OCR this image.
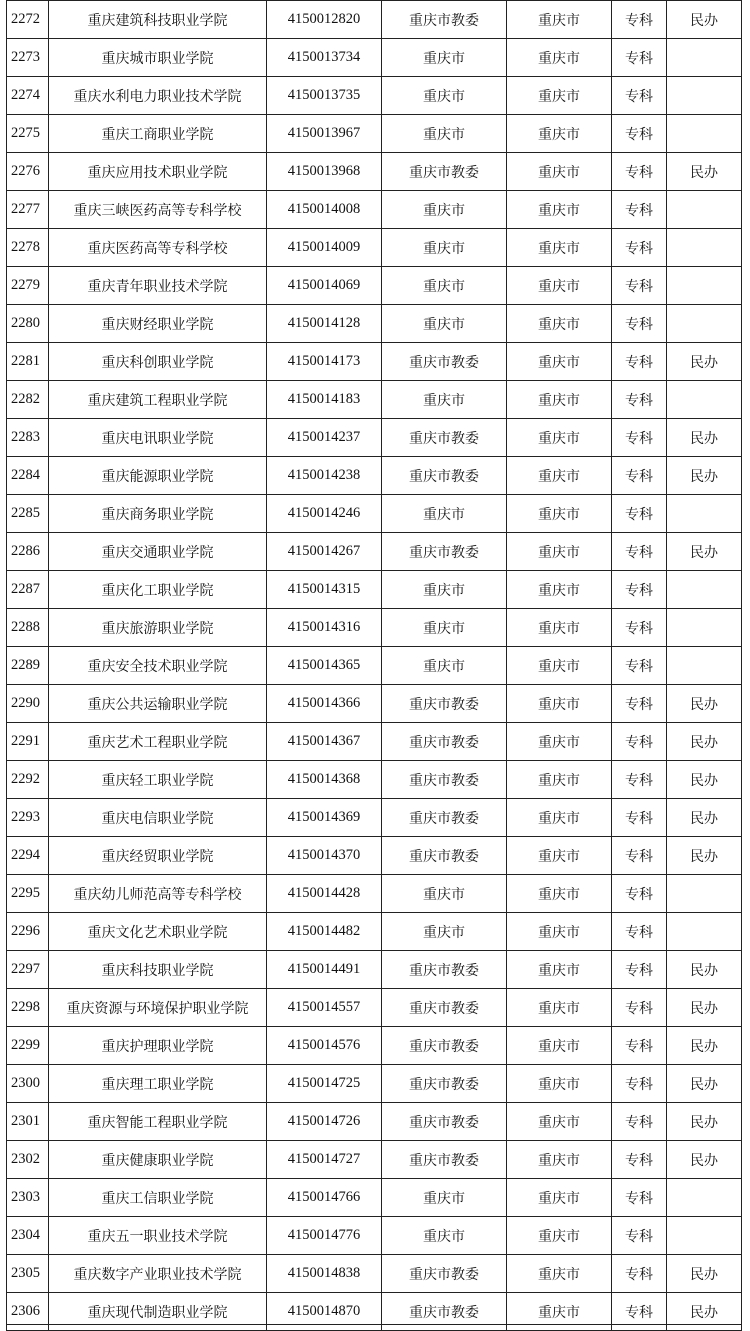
2272	重庆建筑科技职业学院	4150012820	重庆市教委	重庆市	专科	民办
2273	重庆城市职业学院	4150013734	重庆市	重庆市	专科	
2274	重庆水利电力职业技术学院	4150013735	重庆市	重庆市	专科	
2275	重庆工商职业学院	4150013967	重庆市	重庆市	专科	
2276	重庆应用技术职业学院	4150013968	重庆市教委	重庆市	专科	民办
2277	重庆三峡医药高等专科学校	4150014008	重庆市	重庆市	专科	
2278	重庆医药高等专科学校	4150014009	重庆市	重庆市	专科	
2279	重庆青年职业技术学院	4150014069	重庆市	重庆市	专科	
2280	重庆财经职业学院	4150014128	重庆市	重庆市	专科	
2281	重庆科创职业学院	4150014173	重庆市教委	重庆市	专科	民办
2282	重庆建筑工程职业学院	4150014183	重庆市	重庆市	专科	
2283	重庆电讯职业学院	4150014237	重庆市教委	重庆市	专科	民办
2284	重庆能源职业学院	4150014238	重庆市教委	重庆市	专科	民办
2285	重庆商务职业学院	4150014246	重庆市	重庆市	专科	
2286	重庆交通职业学院	4150014267	重庆市教委	重庆市	专科	民办
2287	重庆化工职业学院	4150014315	重庆市	重庆市	专科	
2288	重庆旅游职业学院	4150014316	重庆市	重庆市	专科	
2289	重庆安全技术职业学院	4150014365	重庆市	重庆市	专科	
2290	重庆公共运输职业学院	4150014366	重庆市教委	重庆市	专科	民办
2291	重庆艺术工程职业学院	4150014367	重庆市教委	重庆市	专科	民办
2292	重庆轻工职业学院	4150014368	重庆市教委	重庆市	专科	民办
2293	重庆电信职业学院	4150014369	重庆市教委	重庆市	专科	民办
2294	重庆经贸职业学院	4150014370	重庆市教委	重庆市	专科	民办
2295	重庆幼儿师范高等专科学校	4150014428	重庆市	重庆市	专科	
2296	重庆文化艺术职业学院	4150014482	重庆市	重庆市	专科	
2297	重庆科技职业学院	4150014491	重庆市教委	重庆市	专科	民办
2298	重庆资源与环境保护职业学院	4150014557	重庆市教委	重庆市	专科	民办
2299	重庆护理职业学院	4150014576	重庆市教委	重庆市	专科	民办
2300	重庆理工职业学院	4150014725	重庆市教委	重庆市	专科	民办
2301	重庆智能工程职业学院	4150014726	重庆市教委	重庆市	专科	民办
2302	重庆健康职业学院	4150014727	重庆市教委	重庆市	专科	民办
2303	重庆工信职业学院	4150014766	重庆市	重庆市	专科	
2304	重庆五一职业技术学院	4150014776	重庆市	重庆市	专科	
2305	重庆数字产业职业技术学院	4150014838	重庆市教委	重庆市	专科	民办
2306	重庆现代制造职业学院	4150014870	重庆市教委	重庆市	专科	民办
